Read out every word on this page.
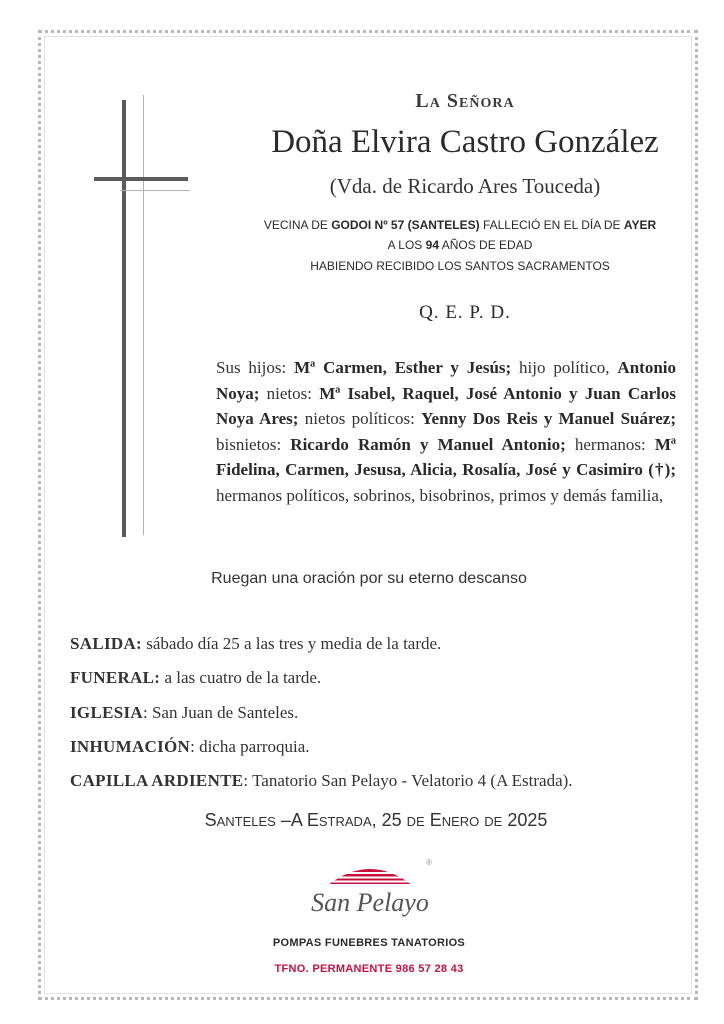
La Señora
Doña Elvira Castro González
(Vda. de Ricardo Ares Touceda)
VECINA DE GODOI Nº 57 (SANTELES) FALLECIÓ EN EL DÍA DE AYER
A LOS 94 AÑOS DE EDAD
HABIENDO RECIBIDO LOS SANTOS SACRAMENTOS
Q. E. P. D.
Sus hijos: Mª Carmen, Esther y Jesús; hijo político, Antonio Noya; nietos: Mª Isabel, Raquel, José Antonio y Juan Carlos Noya Ares; nietos políticos: Yenny Dos Reis y Manuel Suárez; bisnietos: Ricardo Ramón y Manuel Antonio; hermanos: Mª Fidelina, Carmen, Jesusa, Alicia, Rosalía, José y Casimiro (†); hermanos políticos, sobrinos, bisobrinos, primos y demás familia,
Ruegan una oración por su eterno descanso
SALIDA: sábado día 25 a las tres y media de la tarde.
FUNERAL: a las cuatro de la tarde.
IGLESIA: San Juan de Santeles.
INHUMACIÓN: dicha parroquia.
CAPILLA ARDIENTE: Tanatorio San Pelayo - Velatorio 4 (A Estrada).
Santeles –A Estrada, 25 de Enero de 2025
®
San Pelayo
POMPAS FUNEBRES TANATORIOS
TFNO. PERMANENTE 986 57 28 43
